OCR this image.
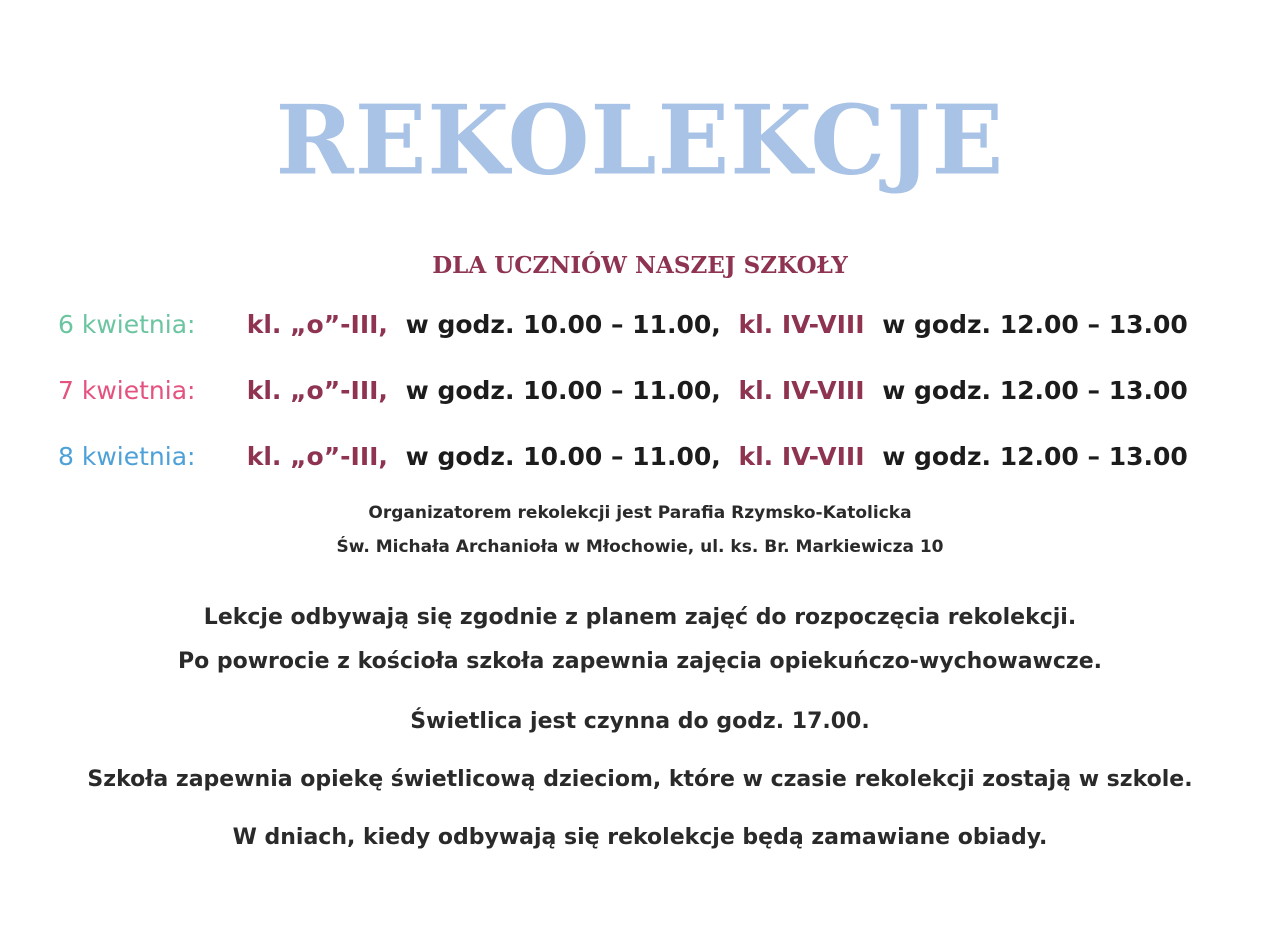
REKOLEKCJE
DLA UCZNIÓW NASZEJ SZKOŁY
6 kwietnia: kl. „o”-III, w godz. 10.00 – 11.00, kl. IV-VIII w godz. 12.00 – 13.00
7 kwietnia: kl. „o”-III, w godz. 10.00 – 11.00, kl. IV-VIII w godz. 12.00 – 13.00
8 kwietnia: kl. „o”-III, w godz. 10.00 – 11.00, kl. IV-VIII w godz. 12.00 – 13.00
Organizatorem rekolekcji jest Parafia Rzymsko-Katolicka
Św. Michała Archanioła w Młochowie, ul. ks. Br. Markiewicza 10
Lekcje odbywają się zgodnie z planem zajęć do rozpoczęcia rekolekcji.
Po powrocie z kościoła szkoła zapewnia zajęcia opiekuńczo-wychowawcze.
Świetlica jest czynna do godz. 17.00.
Szkoła zapewnia opiekę świetlicową dzieciom, które w czasie rekolekcji zostają w szkole.
W dniach, kiedy odbywają się rekolekcje będą zamawiane obiady.
